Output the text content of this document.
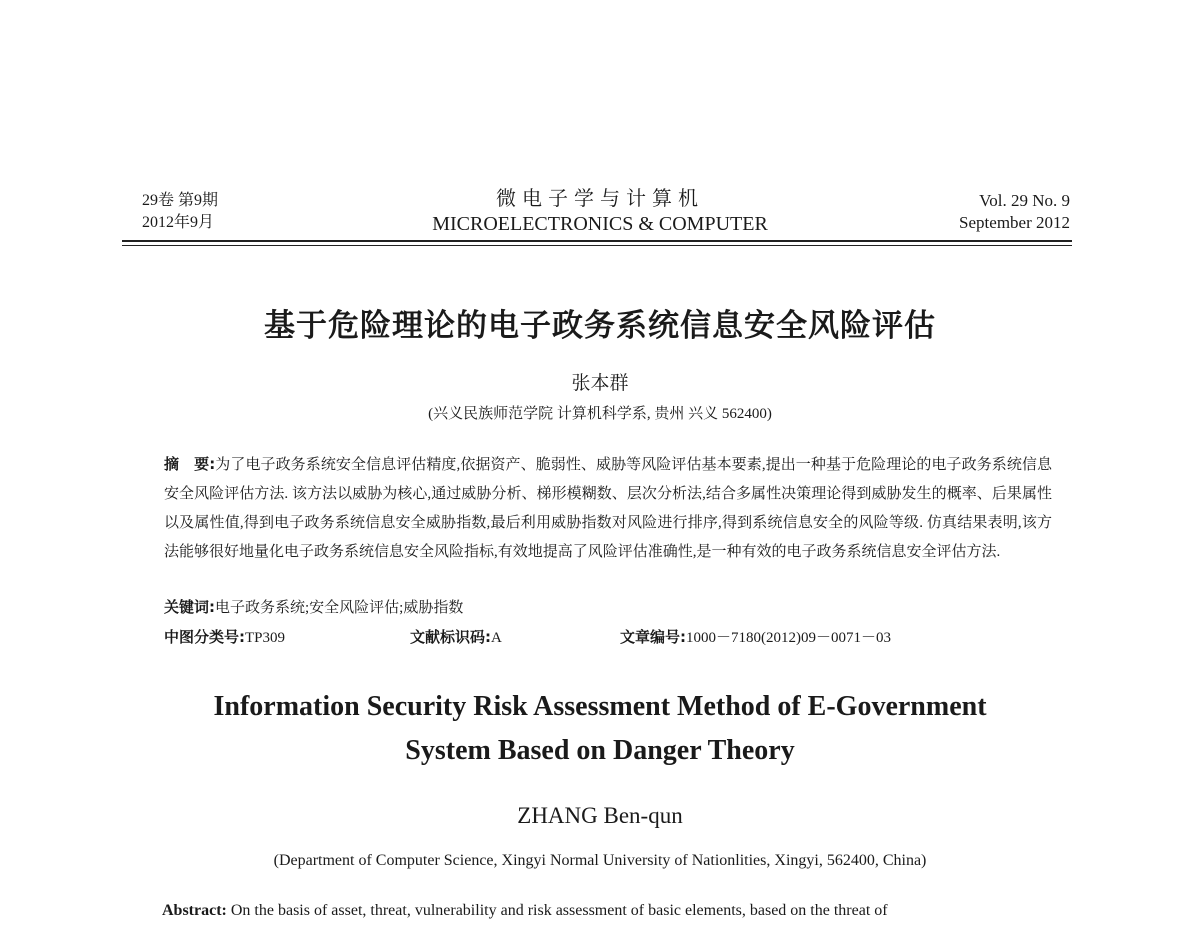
29卷 第9期
2012年9月
微电子学与计算机
MICROELECTRONICS & COMPUTER
Vol. 29 No. 9
September 2012
基于危险理论的电子政务系统信息安全风险评估
张本群
(兴义民族师范学院 计算机科学系, 贵州 兴义 562400)

摘　要:为了电子政务系统安全信息评估精度,依据资产、脆弱性、威胁等风险评估基本要素,提出一种基于危险理论的电子政务系统信息安全风险评估方法. 该方法以威胁为核心,通过威胁分析、梯形模糊数、层次分析法,结合多属性决策理论得到威胁发生的概率、后果属性以及属性值,得到电子政务系统信息安全威胁指数,最后利用威胁指数对风险进行排序,得到系统信息安全的风险等级. 仿真结果表明,该方法能够很好地量化电子政务系统信息安全风险指标,有效地提高了风险评估准确性,是一种有效的电子政务系统信息安全评估方法.

关键词:电子政务系统;安全风险评估;威胁指数
中图分类号:TP309	文献标识码:A	文章编号:1000－7180(2012)09－0071－03
Information Security Risk Assessment Method of E-Government
System Based on Danger Theory
ZHANG Ben-qun
(Department of Computer Science, Xingyi Normal University of Nationlities, Xingyi, 562400, China)
Abstract: On the basis of asset, threat, vulnerability and risk assessment of basic elements, based on the threat of
